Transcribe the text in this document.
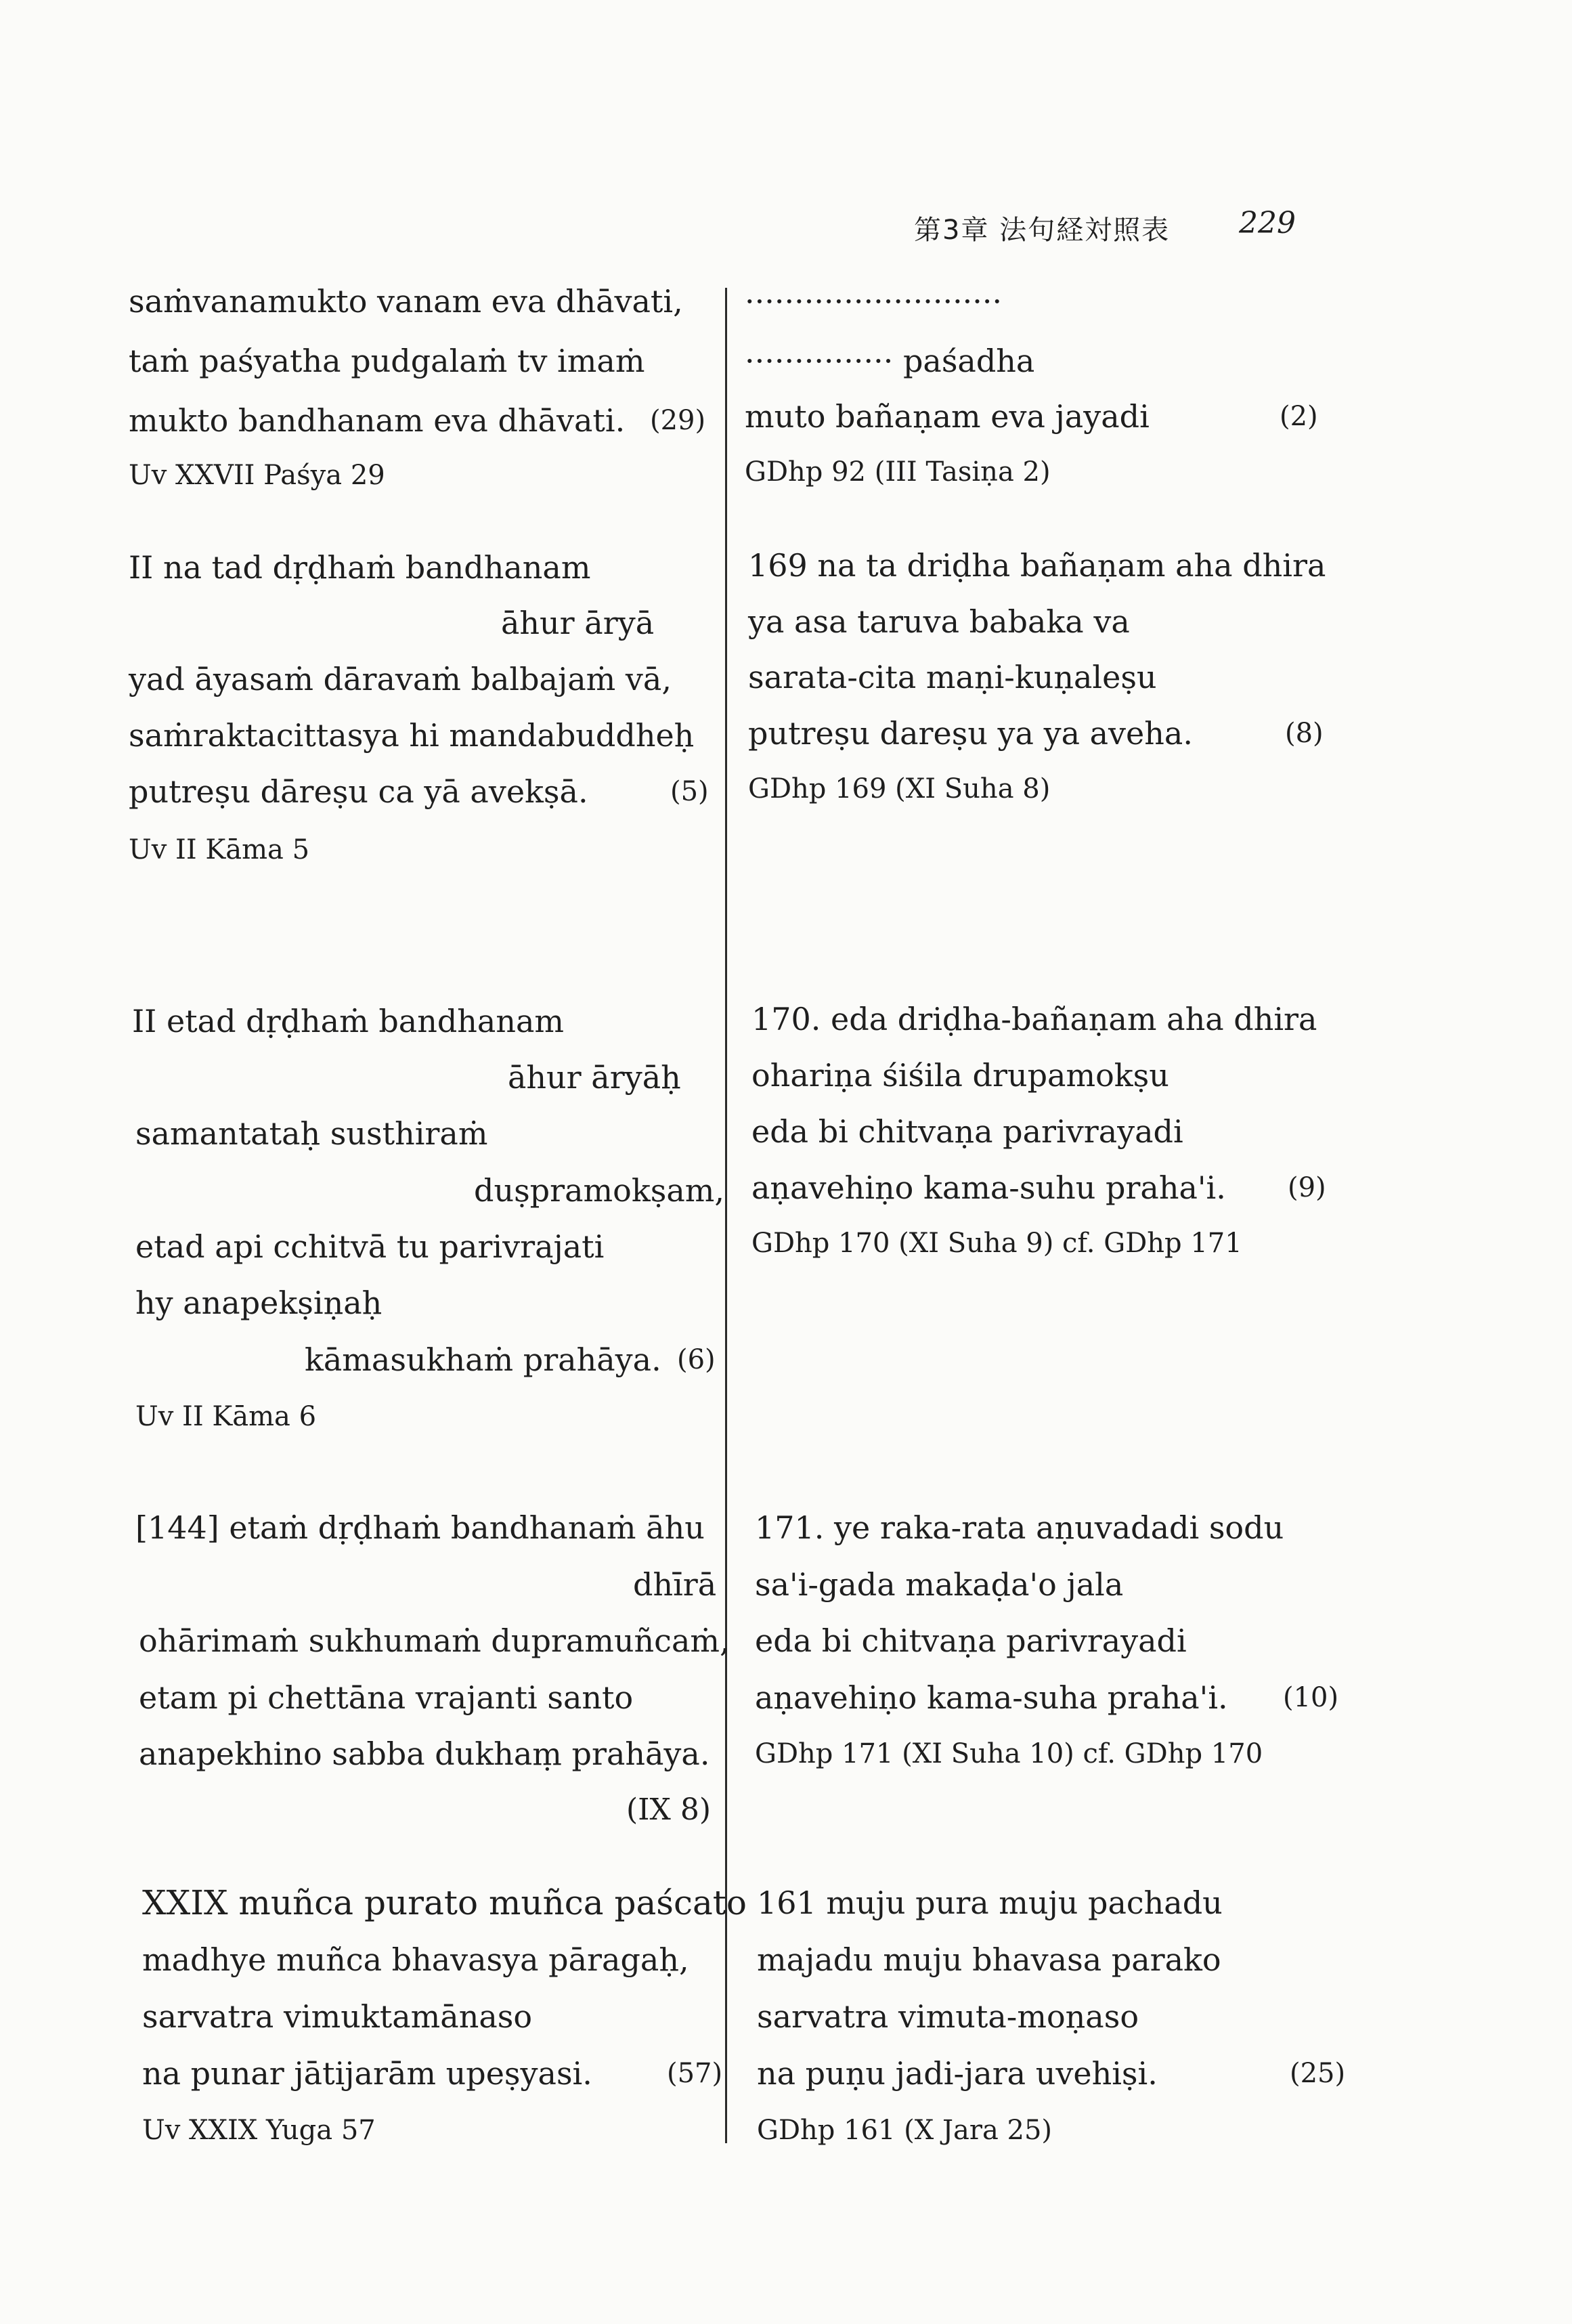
第3章 法句経対照表 229
saṁvanamukto vanam eva dhāvati,
taṁ paśyatha pudgalaṁ tv imaṁ
mukto bandhanam eva dhāvati. (29)
Uv XXVII Paśya 29
II na tad dṛḍhaṁ bandhanam
āhur āryā
yad āyasaṁ dāravaṁ balbajaṁ vā,
saṁraktacittasya hi mandabuddheḥ
putreṣu dāreṣu ca yā avekṣā.	(5)
Uv II Kāma 5
II etad dṛḍhaṁ bandhanam
āhur āryāḥ
samantataḥ susthiraṁ
duṣpramokṣam,
etad api cchitvā tu parivrajati
hy anapekṣiṇaḥ
kāmasukhaṁ prahāya. (6)
Uv II Kāma 6
[144] etaṁ dṛḍhaṁ bandhanaṁ āhu
dhīrā
ohārimaṁ sukhumaṁ dupramuñcaṁ,
etam pi chettāna vrajanti santo
anapekhino sabba dukhaṃ prahāya.
(IX 8)
XXIX muñca purato muñca paścato
madhye muñca bhavasya pāragaḥ,
sarvatra vimuktamānaso
na punar jātijarām upeṣyasi.	(57)
Uv XXIX Yuga 57
··························
··············· paśadha
muto bañaṇam eva jayadi	(2)
GDhp 92 (III Tasiṇa 2)
169 na ta driḍha bañaṇam aha dhira
ya asa taruva babaka va
sarata-cita maṇi-kuṇaleṣu
putreṣu dareṣu ya ya aveha.	(8)
GDhp 169 (XI Suha 8)
170. eda driḍha-bañaṇam aha dhira
ohariṇa śiśila drupamokṣu
eda bi chitvaṇa parivrayadi
aṇavehiṇo kama-suhu praha'i. (9)
GDhp 170 (XI Suha 9) cf. GDhp 171
171. ye raka-rata aṇuvadadi sodu
sa'i-gada makaḍa'o jala
eda bi chitvaṇa parivrayadi
aṇavehiṇo kama-suha praha'i. (10)
GDhp 171 (XI Suha 10) cf. GDhp 170
161 muju pura muju pachadu
majadu muju bhavasa parako
sarvatra vimuta-moṇaso
na puṇu jadi-jara uvehiṣi.	(25)
GDhp 161 (X Jara 25)
